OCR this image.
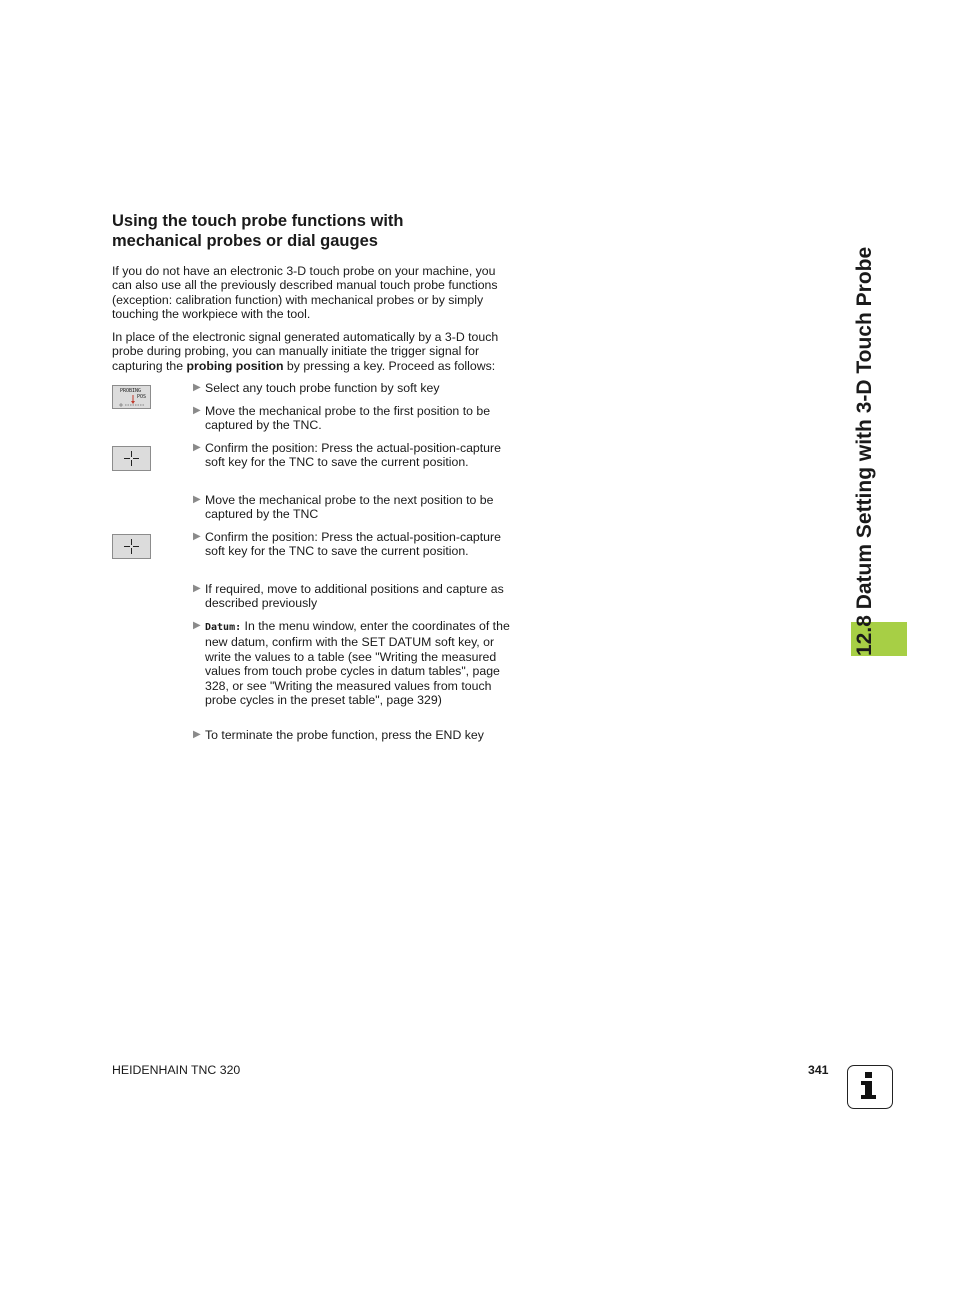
Using the touch probe functions with
mechanical probes or dial gauges

If you do not have an electronic 3-D touch probe on your machine, you can also use all the previously described manual touch probe functions (exception: calibration function) with mechanical probes or by simply touching the workpiece with the tool.

In place of the electronic signal generated automatically by a 3-D touch probe during probing, you can manually initiate the trigger signal for capturing the probing position by pressing a key. Proceed as follows:

PROBING
POS
▶ Select any touch probe function by soft key
▶ Move the mechanical probe to the first position to be captured by the TNC.
▶ Confirm the position: Press the actual-position-capture soft key for the TNC to save the current position.
▶ Move the mechanical probe to the next position to be captured by the TNC
▶ Confirm the position: Press the actual-position-capture soft key for the TNC to save the current position.
▶ If required, move to additional positions and capture as described previously
▶ Datum: In the menu window, enter the coordinates of the new datum, confirm with the SET DATUM soft key, or write the values to a table (see "Writing the measured values from touch probe cycles in datum tables", page 328, or see "Writing the measured values from touch probe cycles in the preset table", page 329)
▶ To terminate the probe function, press the END key
12.8 Datum Setting with 3-D Touch Probe
HEIDENHAIN TNC 320	341
